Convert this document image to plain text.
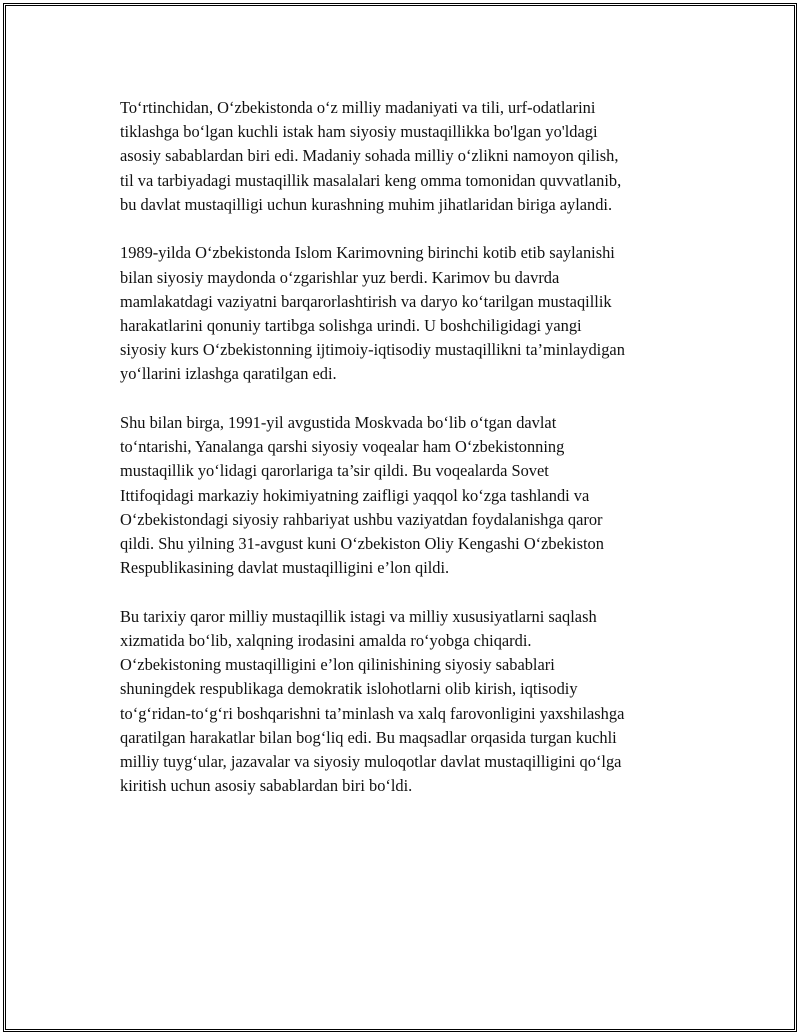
To‘rtinchidan, O‘zbekistonda o‘z milliy madaniyati va tili, urf-odatlarini
tiklashga bo‘lgan kuchli istak ham siyosiy mustaqillikka bo'lgan yo'ldagi
asosiy sabablardan biri edi. Madaniy sohada milliy o‘zlikni namoyon qilish,
til va tarbiyadagi mustaqillik masalalari keng omma tomonidan quvvatlanib,
bu davlat mustaqilligi uchun kurashning muhim jihatlaridan biriga aylandi.

1989-yilda O‘zbekistonda Islom Karimovning birinchi kotib etib saylanishi
bilan siyosiy maydonda o‘zgarishlar yuz berdi. Karimov bu davrda
mamlakatdagi vaziyatni barqarorlashtirish va daryo ko‘tarilgan mustaqillik
harakatlarini qonuniy tartibga solishga urindi. U boshchiligidagi yangi
siyosiy kurs O‘zbekistonning ijtimoiy-iqtisodiy mustaqillikni ta’minlaydigan
yo‘llarini izlashga qaratilgan edi.

Shu bilan birga, 1991-yil avgustida Moskvada bo‘lib o‘tgan davlat
to‘ntarishi, Yanalanga qarshi siyosiy voqealar ham O‘zbekistonning
mustaqillik yo‘lidagi qarorlariga ta’sir qildi. Bu voqealarda Sovet
Ittifoqidagi markaziy hokimiyatning zaifligi yaqqol ko‘zga tashlandi va
O‘zbekistondagi siyosiy rahbariyat ushbu vaziyatdan foydalanishga qaror
qildi. Shu yilning 31-avgust kuni O‘zbekiston Oliy Kengashi O‘zbekiston
Respublikasining davlat mustaqilligini e’lon qildi.

Bu tarixiy qaror milliy mustaqillik istagi va milliy xususiyatlarni saqlash
xizmatida bo‘lib, xalqning irodasini amalda ro‘yobga chiqardi.
O‘zbekistoning mustaqilligini e’lon qilinishining siyosiy sabablari
shuningdek respublikaga demokratik islohotlarni olib kirish, iqtisodiy
to‘g‘ridan-to‘g‘ri boshqarishni ta’minlash va xalq farovonligini yaxshilashga
qaratilgan harakatlar bilan bog‘liq edi. Bu maqsadlar orqasida turgan kuchli
milliy tuyg‘ular, jazavalar va siyosiy muloqotlar davlat mustaqilligini qo‘lga
kiritish uchun asosiy sabablardan biri bo‘ldi.
